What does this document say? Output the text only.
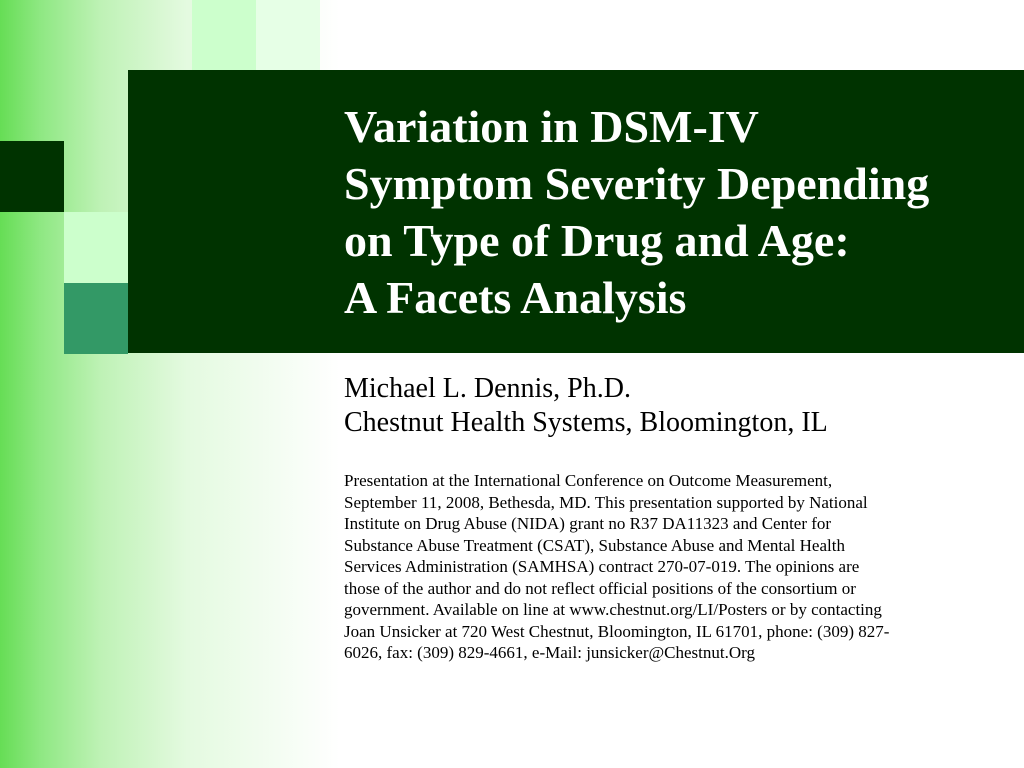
Variation in DSM-IV
Symptom Severity Depending
on Type of Drug and Age:
A Facets Analysis
Michael L. Dennis, Ph.D.
Chestnut Health Systems, Bloomington, IL
Presentation at the International Conference on Outcome Measurement,
September 11, 2008, Bethesda, MD. This presentation supported by National
Institute on Drug Abuse (NIDA) grant no R37 DA11323 and Center for
Substance Abuse Treatment (CSAT), Substance Abuse and Mental Health
Services Administration (SAMHSA) contract 270-07-019. The opinions are
those of the author and do not reflect official positions of the consortium or
government. Available on line at www.chestnut.org/LI/Posters or by contacting
Joan Unsicker at 720 West Chestnut, Bloomington, IL 61701, phone: (309) 827-
6026, fax: (309) 829-4661, e-Mail: junsicker@Chestnut.Org
